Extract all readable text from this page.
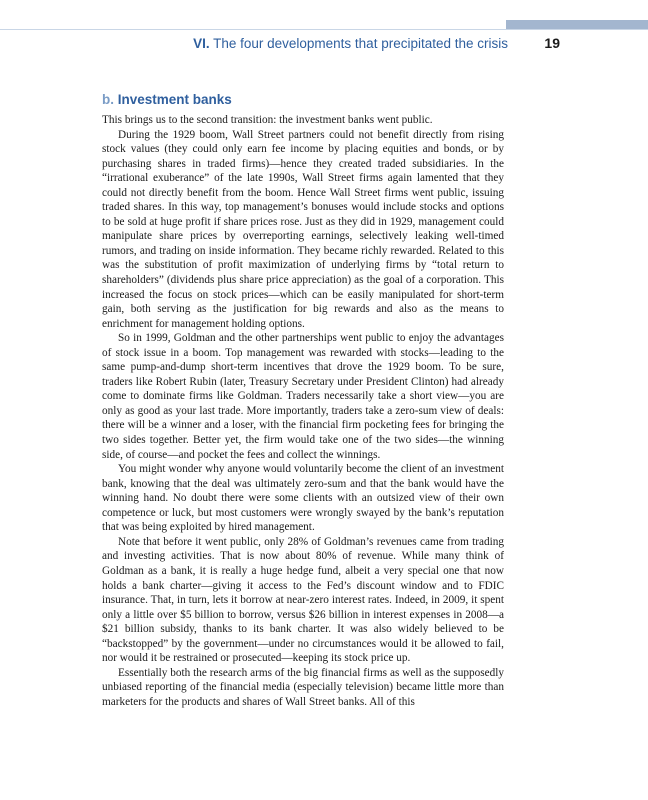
VI. The four developments that precipitated the crisis	19
b. Investment banks

This brings us to the second transition: the investment banks went public.

During the 1929 boom, Wall Street partners could not benefit directly from rising stock values (they could only earn fee income by placing equities and bonds, or by purchasing shares in traded firms)—hence they created traded subsidiaries. In the “irrational exuberance” of the late 1990s, Wall Street firms again lamented that they could not directly benefit from the boom. Hence Wall Street firms went public, issuing traded shares. In this way, top management’s bonuses would include stocks and options to be sold at huge profit if share prices rose. Just as they did in 1929, management could manipulate share prices by overreporting earnings, selectively leaking well-timed rumors, and trading on inside information. They became richly rewarded. Related to this was the substitution of profit maximization of underlying firms by “total return to shareholders” (dividends plus share price appreciation) as the goal of a corporation. This increased the focus on stock prices—which can be easily manipulated for short-term gain, both serving as the justification for big rewards and also as the means to enrichment for management holding options.

So in 1999, Goldman and the other partnerships went public to enjoy the advantages of stock issue in a boom. Top management was rewarded with stocks—leading to the same pump-and-dump short-term incentives that drove the 1929 boom. To be sure, traders like Robert Rubin (later, Treasury Secretary under President Clinton) had already come to dominate firms like Goldman. Traders necessarily take a short view—you are only as good as your last trade. More importantly, traders take a zero-sum view of deals: there will be a winner and a loser, with the financial firm pocketing fees for bringing the two sides together. Better yet, the firm would take one of the two sides—the winning side, of course—and pocket the fees and collect the winnings.

You might wonder why anyone would voluntarily become the client of an investment bank, knowing that the deal was ultimately zero-sum and that the bank would have the winning hand. No doubt there were some clients with an outsized view of their own competence or luck, but most customers were wrongly swayed by the bank’s reputation that was being exploited by hired management.

Note that before it went public, only 28% of Goldman’s revenues came from trading and investing activities. That is now about 80% of revenue. While many think of Goldman as a bank, it is really a huge hedge fund, albeit a very special one that now holds a bank charter—giving it access to the Fed’s discount window and to FDIC insurance. That, in turn, lets it borrow at near-zero interest rates. Indeed, in 2009, it spent only a little over $5 billion to borrow, versus $26 billion in interest expenses in 2008—a $21 billion subsidy, thanks to its bank charter. It was also widely believed to be “backstopped” by the government—under no circumstances would it be allowed to fail, nor would it be restrained or prosecuted—keeping its stock price up.

Essentially both the research arms of the big financial firms as well as the supposedly unbiased reporting of the financial media (especially television) became little more than marketers for the products and shares of Wall Street banks. All of this
